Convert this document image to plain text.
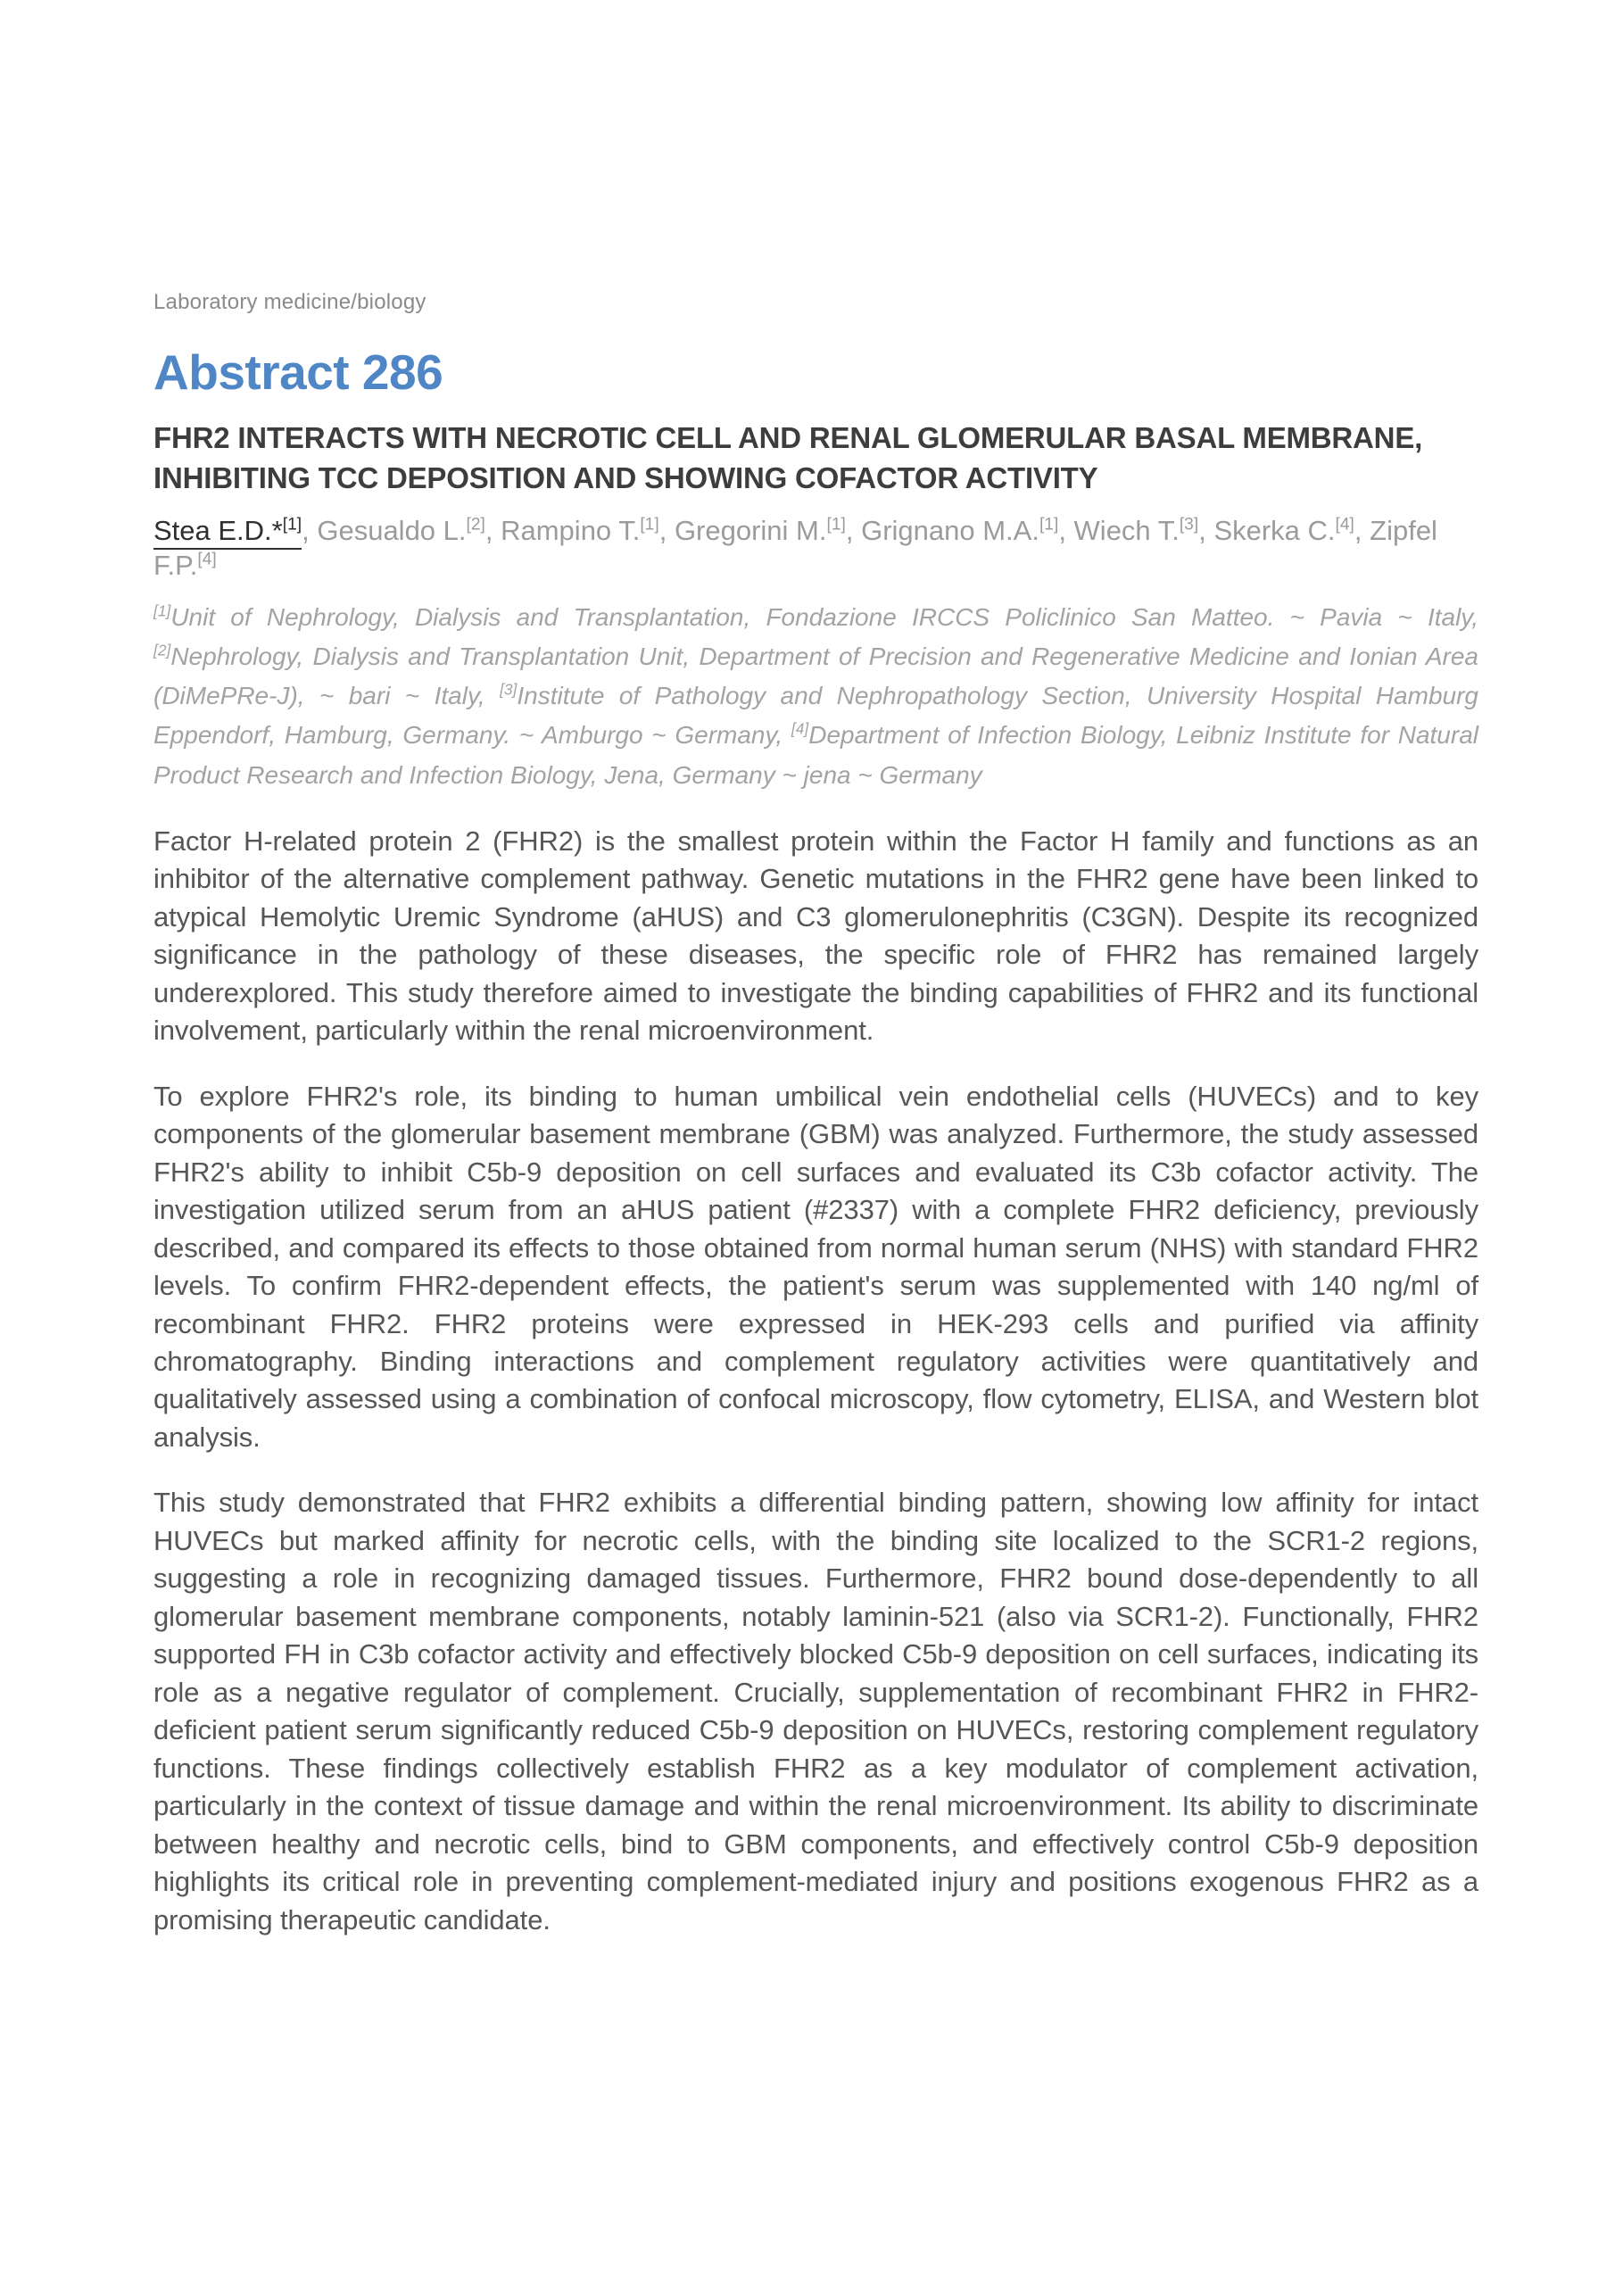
Laboratory medicine/biology
Abstract 286
FHR2 INTERACTS WITH NECROTIC CELL AND RENAL GLOMERULAR BASAL MEMBRANE, INHIBITING TCC DEPOSITION AND SHOWING COFACTOR ACTIVITY

Stea E.D.*[1], Gesualdo L.[2], Rampino T.[1], Gregorini M.[1], Grignano M.A.[1], Wiech T.[3], Skerka C.[4], Zipfel F.P.[4]

[1]Unit of Nephrology, Dialysis and Transplantation, Fondazione IRCCS Policlinico San Matteo. ~ Pavia ~ Italy, [2]Nephrology, Dialysis and Transplantation Unit, Department of Precision and Regenerative Medicine and Ionian Area (DiMePRe-J), ~ bari ~ Italy, [3]Institute of Pathology and Nephropathology Section, University Hospital Hamburg Eppendorf, Hamburg, Germany. ~ Amburgo ~ Germany, [4]Department of Infection Biology, Leibniz Institute for Natural Product Research and Infection Biology, Jena, Germany ~ jena ~ Germany

Factor H-related protein 2 (FHR2) is the smallest protein within the Factor H family and functions as an inhibitor of the alternative complement pathway. Genetic mutations in the FHR2 gene have been linked to atypical Hemolytic Uremic Syndrome (aHUS) and C3 glomerulonephritis (C3GN). Despite its recognized significance in the pathology of these diseases, the specific role of FHR2 has remained largely underexplored. This study therefore aimed to investigate the binding capabilities of FHR2 and its functional involvement, particularly within the renal microenvironment.

To explore FHR2's role, its binding to human umbilical vein endothelial cells (HUVECs) and to key components of the glomerular basement membrane (GBM) was analyzed. Furthermore, the study assessed FHR2's ability to inhibit C5b-9 deposition on cell surfaces and evaluated its C3b cofactor activity. The investigation utilized serum from an aHUS patient (#2337) with a complete FHR2 deficiency, previously described, and compared its effects to those obtained from normal human serum (NHS) with standard FHR2 levels. To confirm FHR2-dependent effects, the patient's serum was supplemented with 140 ng/ml of recombinant FHR2. FHR2 proteins were expressed in HEK-293 cells and purified via affinity chromatography. Binding interactions and complement regulatory activities were quantitatively and qualitatively assessed using a combination of confocal microscopy, flow cytometry, ELISA, and Western blot analysis.

This study demonstrated that FHR2 exhibits a differential binding pattern, showing low affinity for intact HUVECs but marked affinity for necrotic cells, with the binding site localized to the SCR1-2 regions, suggesting a role in recognizing damaged tissues. Furthermore, FHR2 bound dose-dependently to all glomerular basement membrane components, notably laminin-521 (also via SCR1-2). Functionally, FHR2 supported FH in C3b cofactor activity and effectively blocked C5b-9 deposition on cell surfaces, indicating its role as a negative regulator of complement. Crucially, supplementation of recombinant FHR2 in FHR2-deficient patient serum significantly reduced C5b-9 deposition on HUVECs, restoring complement regulatory functions. These findings collectively establish FHR2 as a key modulator of complement activation, particularly in the context of tissue damage and within the renal microenvironment. Its ability to discriminate between healthy and necrotic cells, bind to GBM components, and effectively control C5b-9 deposition highlights its critical role in preventing complement-mediated injury and positions exogenous FHR2 as a promising therapeutic candidate.
